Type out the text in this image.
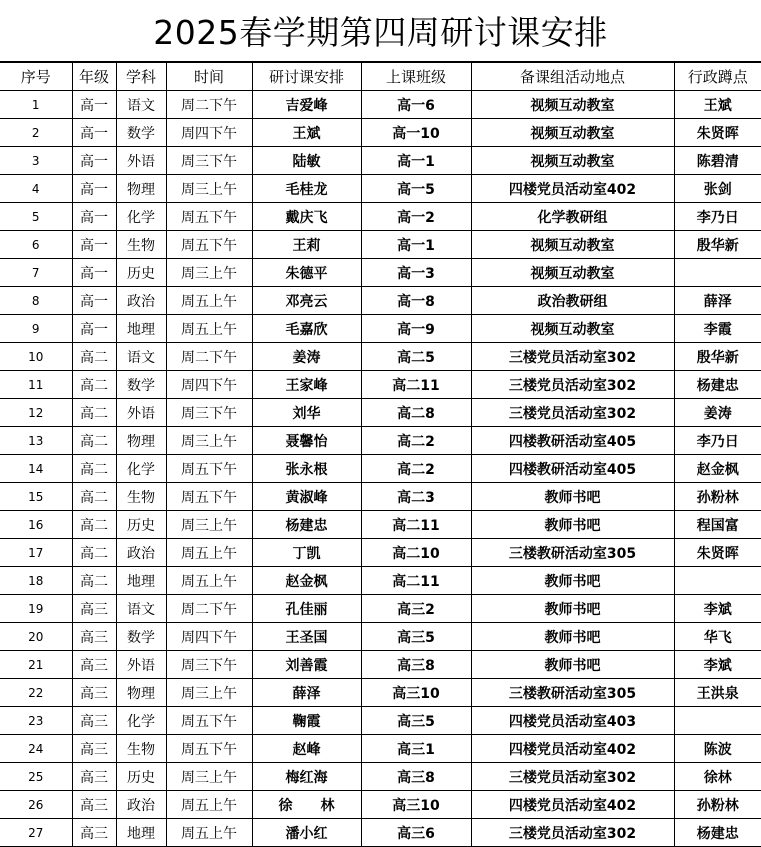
2025春学期第四周研讨课安排
序号	年级	学科	时间	研讨课安排	上课班级	备课组活动地点	行政蹲点
1	高一	语文	周二下午	吉爱峰	高一6	视频互动教室	王斌
2	高一	数学	周四下午	王斌	高一10	视频互动教室	朱贤晖
3	高一	外语	周三下午	陆敏	高一1	视频互动教室	陈碧清
4	高一	物理	周三上午	毛桂龙	高一5	四楼党员活动室402	张剑
5	高一	化学	周五下午	戴庆飞	高一2	化学教研组	李乃日
6	高一	生物	周五下午	王莉	高一1	视频互动教室	殷华新
7	高一	历史	周三上午	朱德平	高一3	视频互动教室	
8	高一	政治	周五上午	邓亮云	高一8	政治教研组	薛泽
9	高一	地理	周五上午	毛嘉欣	高一9	视频互动教室	李霞
10	高二	语文	周二下午	姜涛	高二5	三楼党员活动室302	殷华新
11	高二	数学	周四下午	王家峰	高二11	三楼党员活动室302	杨建忠
12	高二	外语	周三下午	刘华	高二8	三楼党员活动室302	姜涛
13	高二	物理	周三上午	聂馨怡	高二2	四楼教研活动室405	李乃日
14	高二	化学	周五下午	张永根	高二2	四楼教研活动室405	赵金枫
15	高二	生物	周五下午	黄淑峰	高二3	教师书吧	孙粉林
16	高二	历史	周三上午	杨建忠	高二11	教师书吧	程国富
17	高二	政治	周五上午	丁凯	高二10	三楼教研活动室305	朱贤晖
18	高二	地理	周五上午	赵金枫	高二11	教师书吧	
19	高三	语文	周二下午	孔佳丽	高三2	教师书吧	李斌
20	高三	数学	周四下午	王圣国	高三5	教师书吧	华飞
21	高三	外语	周三下午	刘善霞	高三8	教师书吧	李斌
22	高三	物理	周三上午	薛泽	高三10	三楼教研活动室305	王洪泉
23	高三	化学	周五下午	鞠霞	高三5	四楼党员活动室403	
24	高三	生物	周五下午	赵峰	高三1	四楼党员活动室402	陈波
25	高三	历史	周三上午	梅红海	高三8	三楼党员活动室302	徐林
26	高三	政治	周五上午	徐　　林	高三10	四楼党员活动室402	孙粉林
27	高三	地理	周五上午	潘小红	高三6	三楼党员活动室302	杨建忠
